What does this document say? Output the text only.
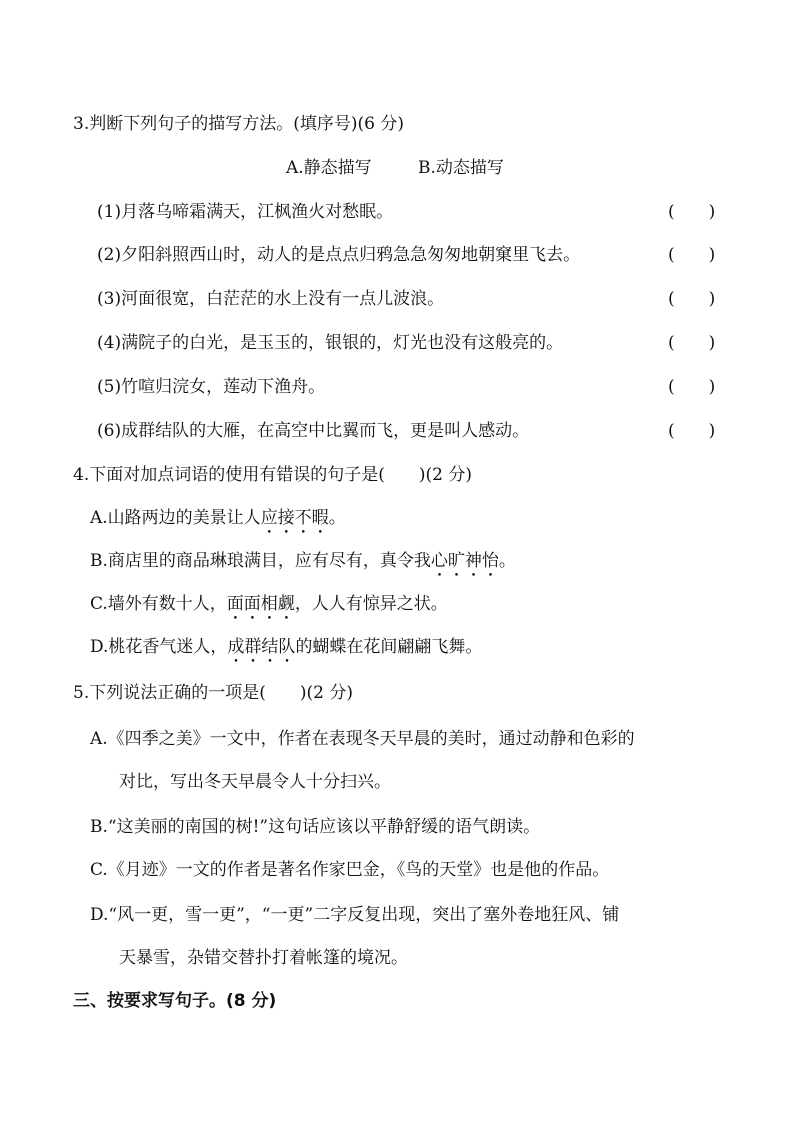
3.判断下列句子的描写方法。(填序号)(6 分)
A.静态描写	B.动态描写
(1)月落乌啼霜满天，江枫渔火对愁眠。	(　　)
(2)夕阳斜照西山时，动人的是点点归鸦急急匆匆地朝窠里飞去。	(　　)
(3)河面很宽，白茫茫的水上没有一点儿波浪。	(　　)
(4)满院子的白光，是玉玉的，银银的，灯光也没有这般亮的。	(　　)
(5)竹喧归浣女，莲动下渔舟。	(　　)
(6)成群结队的大雁，在高空中比翼而飞，更是叫人感动。	(　　)
4.下面对加点词语的使用有错误的句子是(　　)(2 分)
A.山路两边的美景让人应接不暇。
B.商店里的商品琳琅满目，应有尽有，真令我心旷神怡。
C.墙外有数十人，面面相觑，人人有惊异之状。
D.桃花香气迷人，成群结队的蝴蝶在花间翩翩飞舞。
5.下列说法正确的一项是(　　)(2 分)
A.《四季之美》一文中，作者在表现冬天早晨的美时，通过动静和色彩的
对比，写出冬天早晨令人十分扫兴。
B.“这美丽的南国的树!”这句话应该以平静舒缓的语气朗读。
C.《月迹》一文的作者是著名作家巴金，《鸟的天堂》也是他的作品。
D.“风一更，雪一更”，“一更”二字反复出现，突出了塞外卷地狂风、铺
天暴雪，杂错交替扑打着帐篷的境况。
三、按要求写句子。(8 分)
